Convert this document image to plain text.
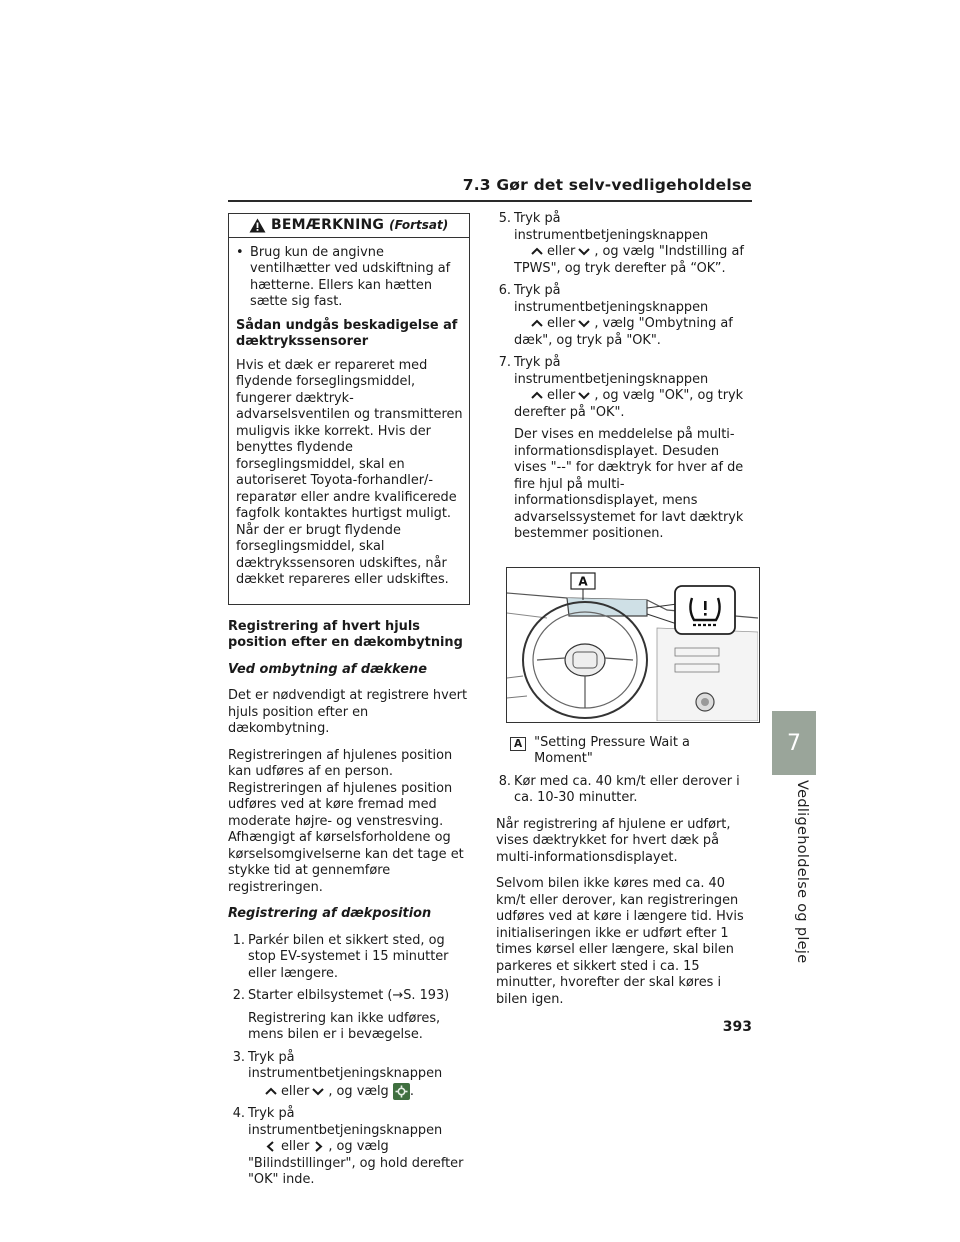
7.3 Gør det selv-vedligeholdelse
BEMÆRKNING (Fortsat)
• Brug kun de angivne ventilhætter ved udskiftning af hætterne. Ellers kan hætten sætte sig fast.

Sådan undgås beskadigelse af dæktrykssensorer

Hvis et dæk er repareret med flydende forseglingsmiddel, fungerer dæktryk-advarselsventilen og transmitteren muligvis ikke korrekt. Hvis der benyttes flydende forseglingsmiddel, skal en autoriseret Toyota-forhandler/-reparatør eller andre kvalificerede fagfolk kontaktes hurtigst muligt. Når der er brugt flydende forseglingsmiddel, skal dæktrykssensoren udskiftes, når dækket repareres eller udskiftes.

Registrering af hvert hjuls position efter en dækombytning
Ved ombytning af dækkene
Det er nødvendigt at registrere hvert hjuls position efter en dækombytning.
Registreringen af hjulenes position kan udføres af en person. Registreringen af hjulenes position udføres ved at køre fremad med moderate højre- og venstresving. Afhængigt af kørselsforholdene og kørselsomgivelserne kan det tage et stykke tid at gennemføre registreringen.
Registrering af dækposition
1. Parkér bilen et sikkert sted, og stop EV-systemet i 15 minutter eller længere.
2. Starter elbilsystemet (→S. 193)
Registrering kan ikke udføres, mens bilen er i bevægelse.
3. Tryk på instrumentbetjeningsknappen
eller , og vælg .
4. Tryk på instrumentbetjeningsknappen
eller , og vælg
"Bilindstillinger", og hold derefter "OK" inde.
5. Tryk på instrumentbetjeningsknappen
eller , og vælg "Indstilling af
TPWS", og tryk derefter på “OK”.
6. Tryk på instrumentbetjeningsknappen
eller , vælg "Ombytning af
dæk", og tryk på "OK".
7. Tryk på instrumentbetjeningsknappen
eller , og vælg "OK", og tryk
derefter på "OK".
Der vises en meddelelse på multi-informationsdisplayet. Desuden vises "--" for dæktryk for hver af de fire hjul på multi-informationsdisplayet, mens advarselssystemet for lavt dæktryk bestemmer positionen.
A
A "Setting Pressure Wait a Moment"
8. Kør med ca. 40 km/t eller derover i ca. 10-30 minutter.
Når registrering af hjulene er udført, vises dæktrykket for hvert dæk på multi-informationsdisplayet.
Selvom bilen ikke køres med ca. 40 km/t eller derover, kan registreringen udføres ved at køre i længere tid. Hvis initialiseringen ikke er udført efter 1 times kørsel eller længere, skal bilen parkeres et sikkert sted i ca. 15 minutter, hvorefter der skal køres i bilen igen.
7
Vedligeholdelse og pleje
393
